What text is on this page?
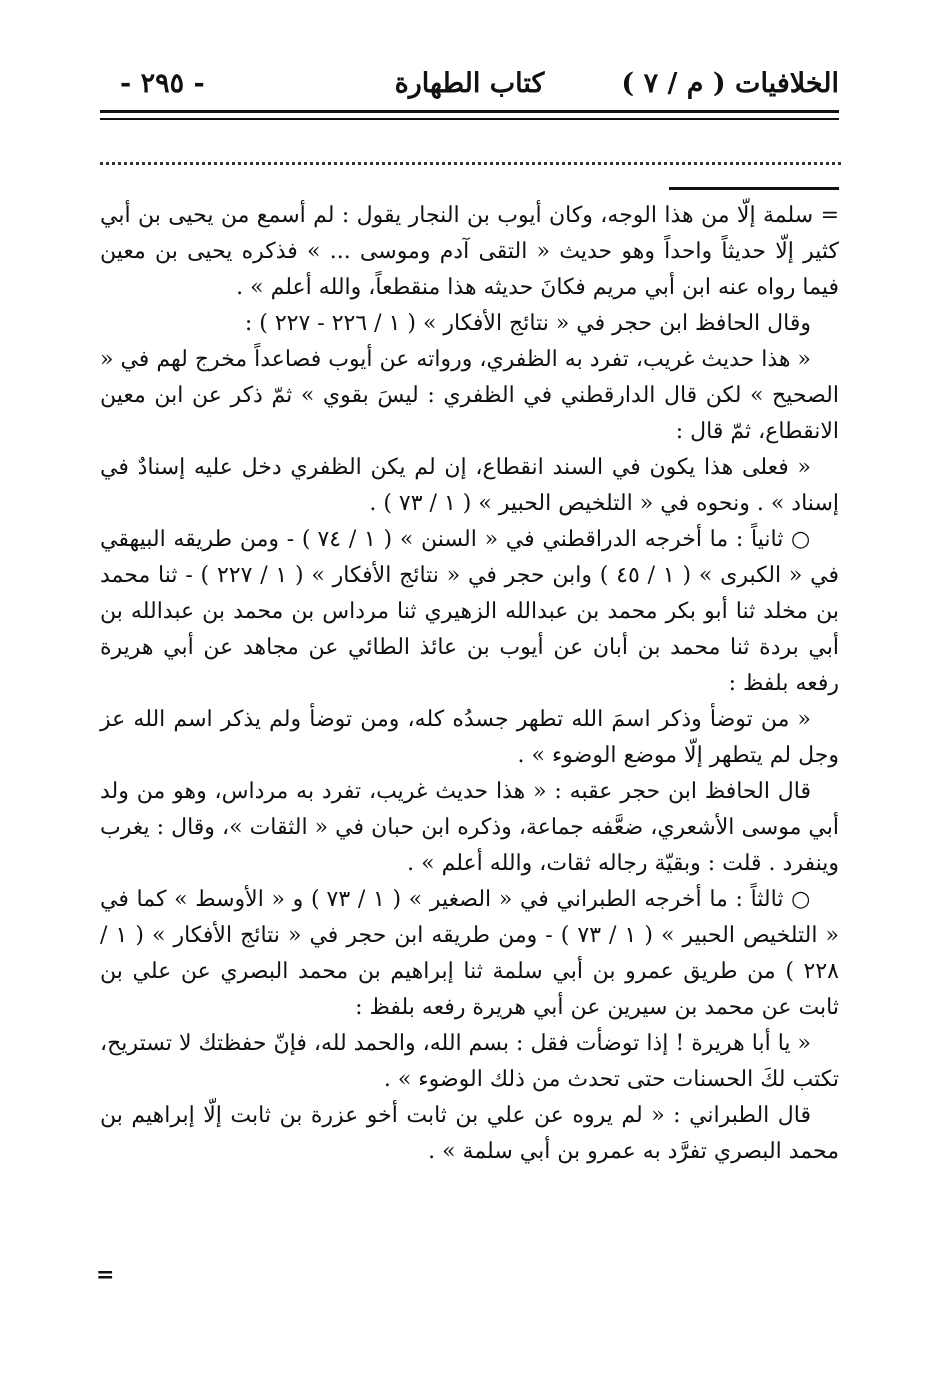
الخلافيات ( م / ٧ )
كتاب الطهارة
- ٢٩٥ -

= سلمة إلّا من هذا الوجه، وكان أيوب بن النجار يقول : لم أسمع من يحيى بن أبي كثير إلّا حديثاً واحداً وهو حديث « التقى آدم وموسى ... » فذكره يحيى بن معين فيما رواه عنه ابن أبي مريم فكانَ حديثه هذا منقطعاً، والله أعلم » .

وقال الحافظ ابن حجر في « نتائج الأفكار » ( ١ / ٢٢٦ - ٢٢٧ ) :

« هذا حديث غريب، تفرد به الظفري، ورواته عن أيوب فصاعداً مخرج لهم في « الصحيح » لكن قال الدارقطني في الظفري : ليسَ بقوي » ثمّ ذكر عن ابن معين الانقطاع، ثمّ قال :

« فعلى هذا يكون في السند انقطاع، إن لم يكن الظفري دخل عليه إسنادٌ في إسناد » . ونحوه في « التلخيص الحبير » ( ١ / ٧٣ ) .

○ ثانياً : ما أخرجه الدراقطني في « السنن » ( ١ / ٧٤ ) - ومن طريقه البيهقي في « الكبرى » ( ١ / ٤٥ ) وابن حجر في « نتائج الأفكار » ( ١ / ٢٢٧ ) - ثنا محمد بن مخلد ثنا أبو بكر محمد بن عبدالله الزهيري ثنا مرداس بن محمد بن عبدالله بن أبي بردة ثنا محمد بن أبان عن أيوب بن عائذ الطائي عن مجاهد عن أبي هريرة رفعه بلفظ :

« من توضأ وذكر اسمَ الله تطهر جسدُه كله، ومن توضأ ولم يذكر اسم الله عز وجل لم يتطهر إلّا موضع الوضوء » .

قال الحافظ ابن حجر عقبه : « هذا حديث غريب، تفرد به مرداس، وهو من ولد أبي موسى الأشعري، ضعَّفه جماعة، وذكره ابن حبان في « الثقات »، وقال : يغرب وينفرد . قلت : وبقيّة رجاله ثقات، والله أعلم » .

○ ثالثاً : ما أخرجه الطبراني في « الصغير » ( ١ / ٧٣ ) و « الأوسط » كما في « التلخيص الحبير » ( ١ / ٧٣ ) - ومن طريقه ابن حجر في « نتائج الأفكار » ( ١ / ٢٢٨ ) من طريق عمرو بن أبي سلمة ثنا إبراهيم بن محمد البصري عن علي بن ثابت عن محمد بن سيرين عن أبي هريرة رفعه بلفظ :

« يا أبا هريرة ! إذا توضأت فقل : بسم الله، والحمد لله، فإنّ حفظتك لا تستريح، تكتب لكَ الحسنات حتى تحدث من ذلك الوضوء » .

قال الطبراني : « لم يروه عن علي بن ثابت أخو عزرة بن ثابت إلّا إبراهيم بن محمد البصري تفرَّد به عمرو بن أبي سلمة » .

=
